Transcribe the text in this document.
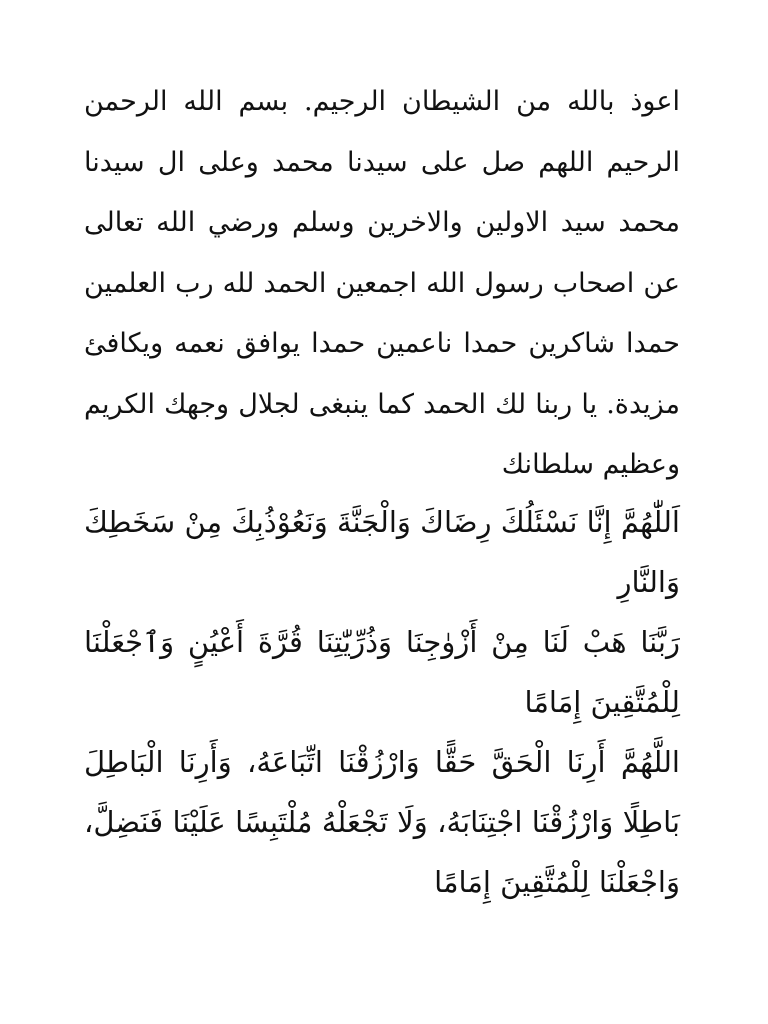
اعوذ بالله من الشيطان الرجيم. بسم الله الرحمن الرحيم اللهم صل على سيدنا محمد وعلى ال سيدنا محمد سيد الاولين والاخرين وسلم ورضي الله تعالى عن اصحاب رسول الله اجمعين الحمد لله رب العلمين حمدا شاكرين حمدا ناعمين حمدا يوافق نعمه ويكافئ مزيدة. يا ربنا لك الحمد كما ينبغى لجلال وجهك الكريم وعظيم سلطانك

اَللّٰهُمَّ إِنَّا نَسْئَلُكَ رِضَاكَ وَالْجَنَّةَ وَنَعُوْذُبِكَ مِنْ سَخَطِكَ وَالنَّارِ

رَبَّنَا هَبْ لَنَا مِنْ أَزْوٰجِنَا وَذُرِّيّٰتِنَا قُرَّةَ أَعْيُنٍ وَٱجْعَلْنَا لِلْمُتَّقِينَ إِمَامًا

اللَّهُمَّ أَرِنَا الْحَقَّ حَقًّا وَارْزُقْنَا اتِّبَاعَهُ، وَأَرِنَا الْبَاطِلَ بَاطِلًا وَارْزُقْنَا اجْتِنَابَهُ، وَلَا تَجْعَلْهُ مُلْتَبِسًا عَلَيْنَا فَنَضِلَّ، وَاجْعَلْنَا لِلْمُتَّقِينَ إِمَامًا
